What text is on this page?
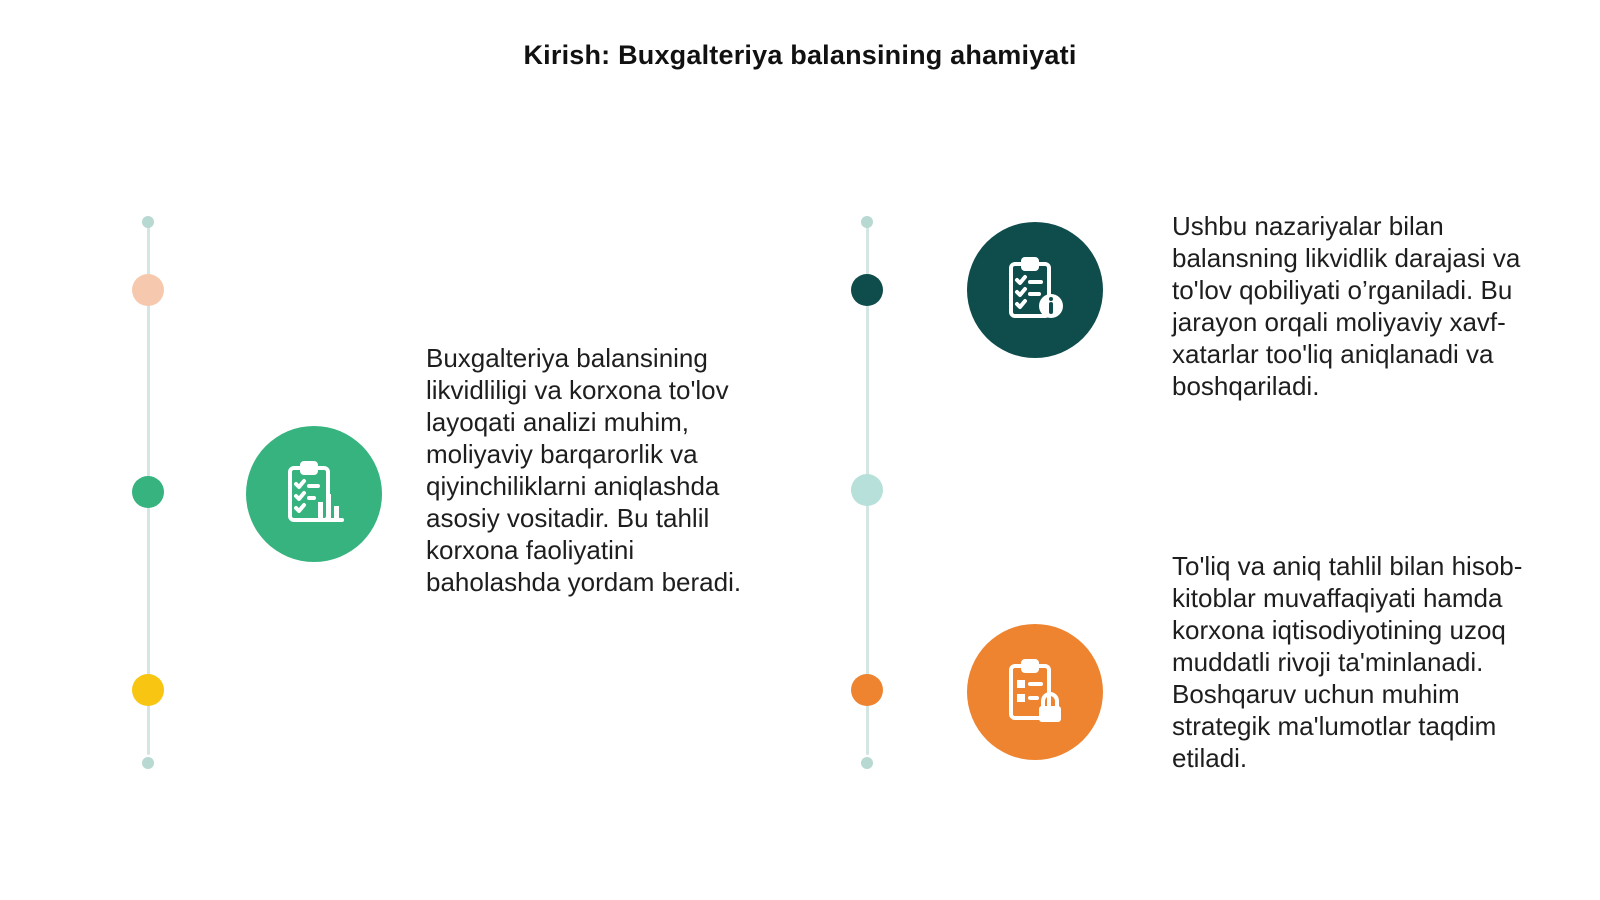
Kirish: Buxgalteriya balansining ahamiyati

Buxgalteriya balansining likvidliligi va korxona to'lov layoqati analizi muhim, moliyaviy barqarorlik va qiyinchiliklarni aniqlashda asosiy vositadir. Bu tahlil korxona faoliyatini baholashda yordam beradi.

Ushbu nazariyalar bilan balansning likvidlik darajasi va to'lov qobiliyati o’rganiladi. Bu jarayon orqali moliyaviy xavf-xatarlar too'liq aniqlanadi va boshqariladi.

To'liq va aniq tahlil bilan hisob-kitoblar muvaffaqiyati hamda korxona iqtisodiyotining uzoq muddatli rivoji ta'minlanadi. Boshqaruv uchun muhim strategik ma'lumotlar taqdim etiladi.
